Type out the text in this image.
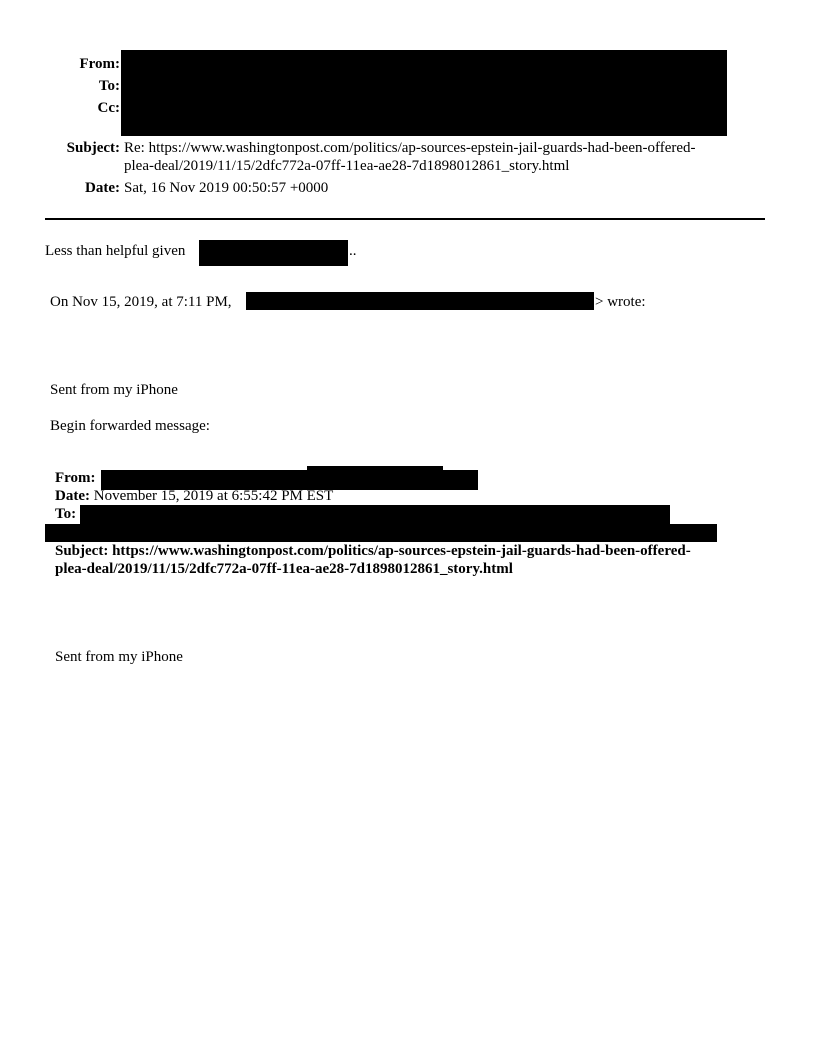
From:
To:
Cc:
Subject: Re: https://www.washingtonpost.com/politics/ap-sources-epstein-jail-guards-had-been-offered-
plea-deal/2019/11/15/2dfc772a-07ff-11ea-ae28-7d1898012861_story.html
Date: Sat, 16 Nov 2019 00:50:57 +0000
Less than helpful given	..
On Nov 15, 2019, at 7:11 PM,	> wrote:
Sent from my iPhone
Begin forwarded message:
From:
Date: November 15, 2019 at 6:55:42 PM EST
To:
Subject: https://www.washingtonpost.com/politics/ap-sources-epstein-jail-guards-had-been-offered-
plea-deal/2019/11/15/2dfc772a-07ff-11ea-ae28-7d1898012861_story.html
Sent from my iPhone
